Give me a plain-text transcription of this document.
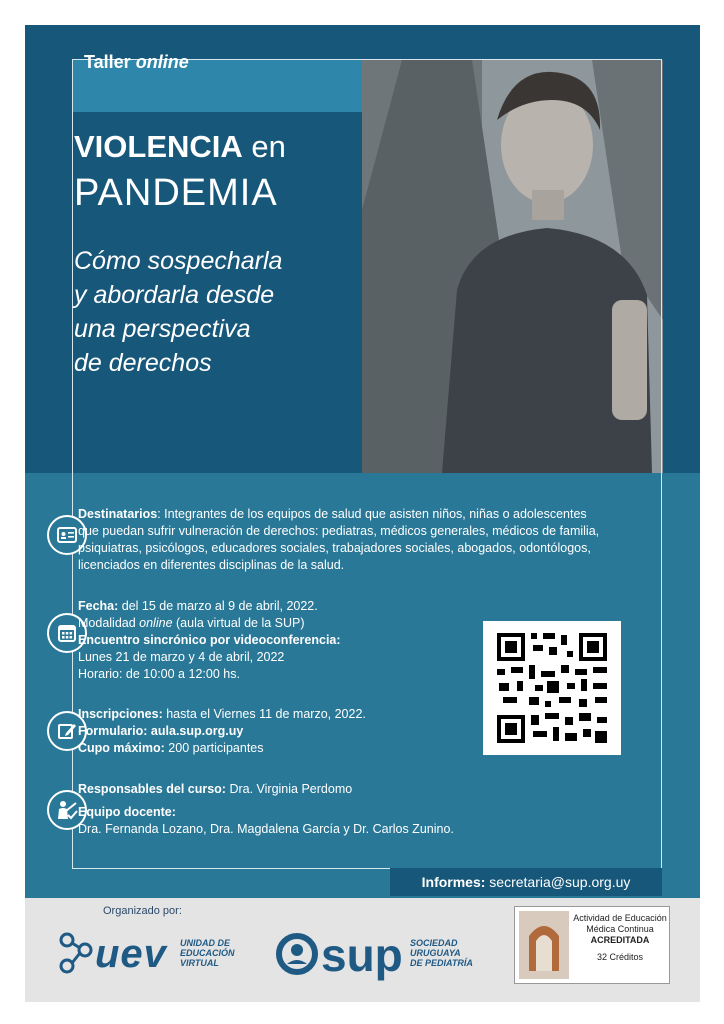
Taller online
VIOLENCIA en
PANDEMIA
Cómo sospecharla
y abordarla desde
una perspectiva
de derechos
Destinatarios: Integrantes de los equipos de salud que asisten niños, niñas o adolescentes que puedan sufrir vulneración de derechos: pediatras, médicos generales, médicos de familia, psiquiatras, psicólogos, educadores sociales, trabajadores sociales, abogados, odontólogos, licenciados en diferentes disciplinas de la salud.
Fecha: del 15 de marzo al 9 de abril, 2022.
Modalidad online (aula virtual de la SUP)
Encuentro sincrónico por videoconferencia:
Lunes 21 de marzo y 4 de abril, 2022
Horario: de 10:00 a 12:00 hs.
Inscripciones: hasta el Viernes 11 de marzo, 2022.
Formulario: aula.sup.org.uy
Cupo máximo: 200 participantes
Responsables del curso: Dra. Virginia Perdomo
Equipo docente:
Dra. Fernanda Lozano, Dra. Magdalena García y Dr. Carlos Zunino.
Informes: secretaria@sup.org.uy
Organizado por:
uev UNIDAD DE
EDUCACIÓN
VIRTUAL	sup SOCIEDAD
URUGUAYA
DE PEDIATRÍA
Actividad de Educación
Médica Continua
ACREDITADA
32 Créditos
